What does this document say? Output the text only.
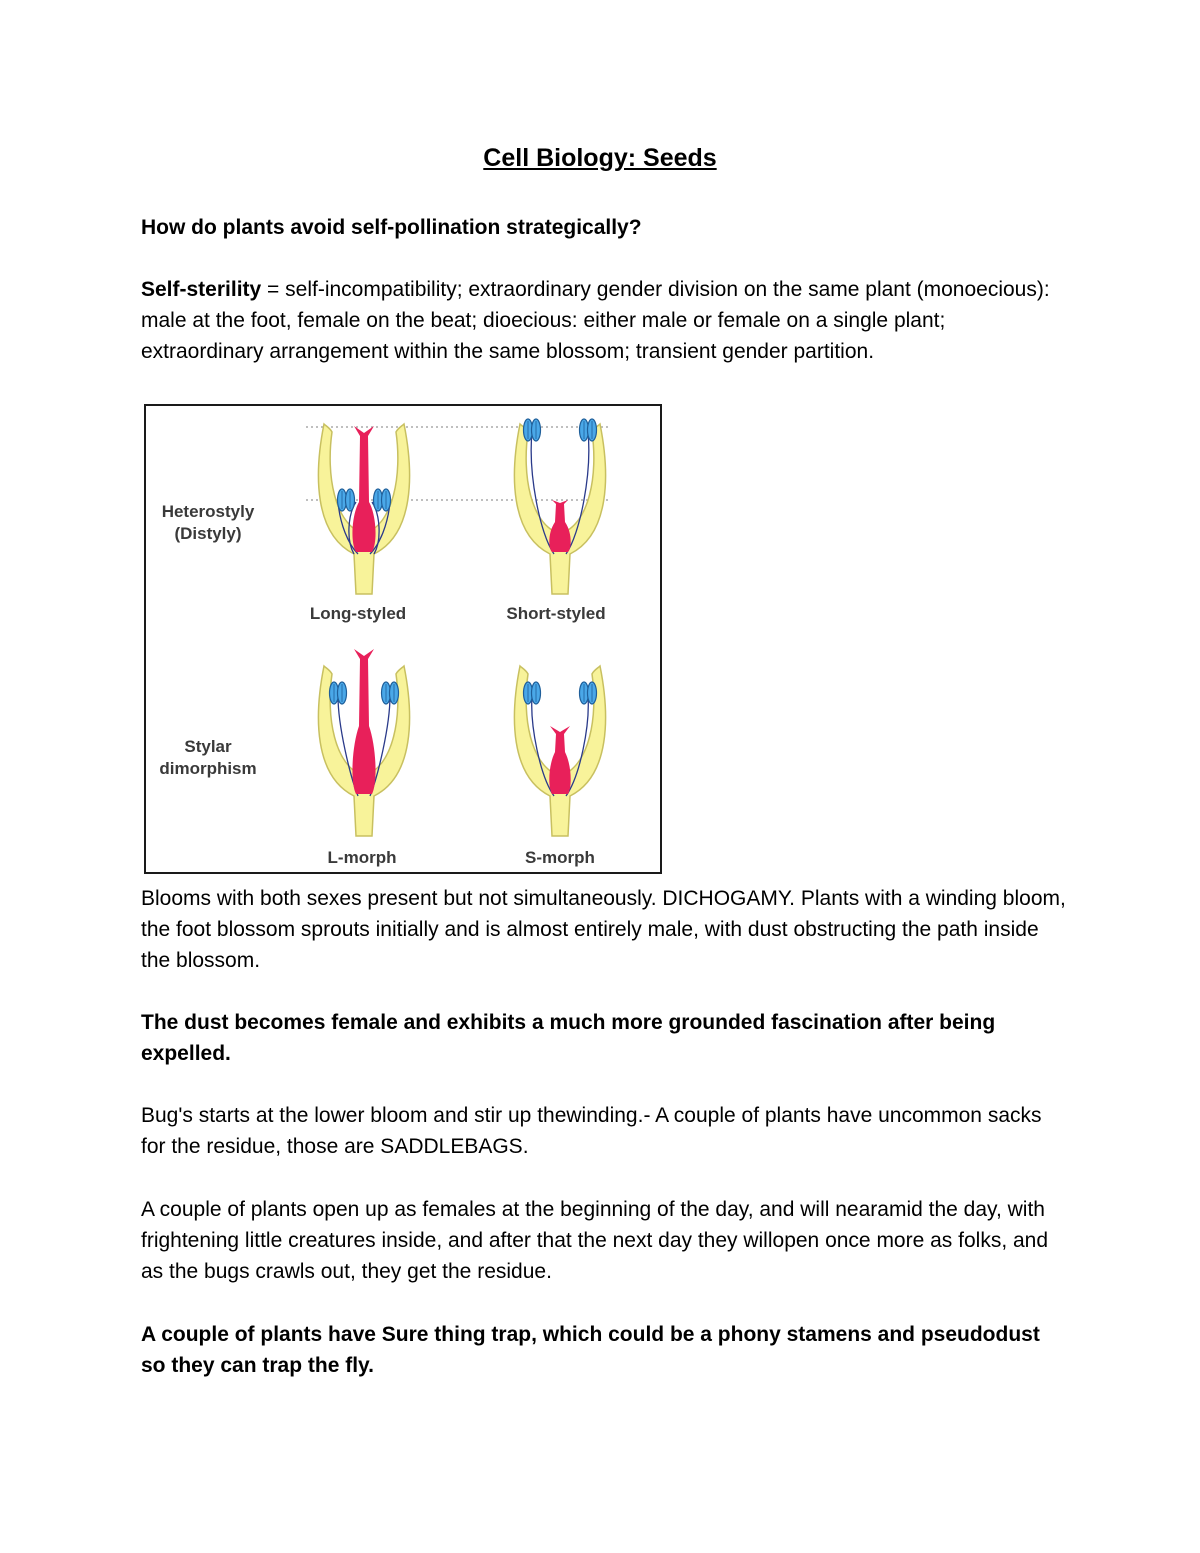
Cell Biology: Seeds

How do plants avoid self-pollination strategically?

Self-sterility = self-incompatibility; extraordinary gender division on the same plant (monoecious): male at the foot, female on the beat; dioecious: either male or female on a single plant; extraordinary arrangement within the same blossom; transient gender partition.

Heterostyly
(Distyly)
Stylar
dimorphism
Long-styled	Short-styled
L-morph	S-morph

Blooms with both sexes present but not simultaneously. DICHOGAMY. Plants with a winding bloom, the foot blossom sprouts initially and is almost entirely male, with dust obstructing the path inside the blossom.

The dust becomes female and exhibits a much more grounded fascination after being expelled.

Bug's starts at the lower bloom and stir up thewinding.- A couple of plants have uncommon sacks for the residue, those are SADDLEBAGS.

A couple of plants open up as females at the beginning of the day, and will nearamid the day, with frightening little creatures inside, and after that the next day they willopen once more as folks, and as the bugs crawls out, they get the residue.

A couple of plants have Sure thing trap, which could be a phony stamens and pseudodust so they can trap the fly.
